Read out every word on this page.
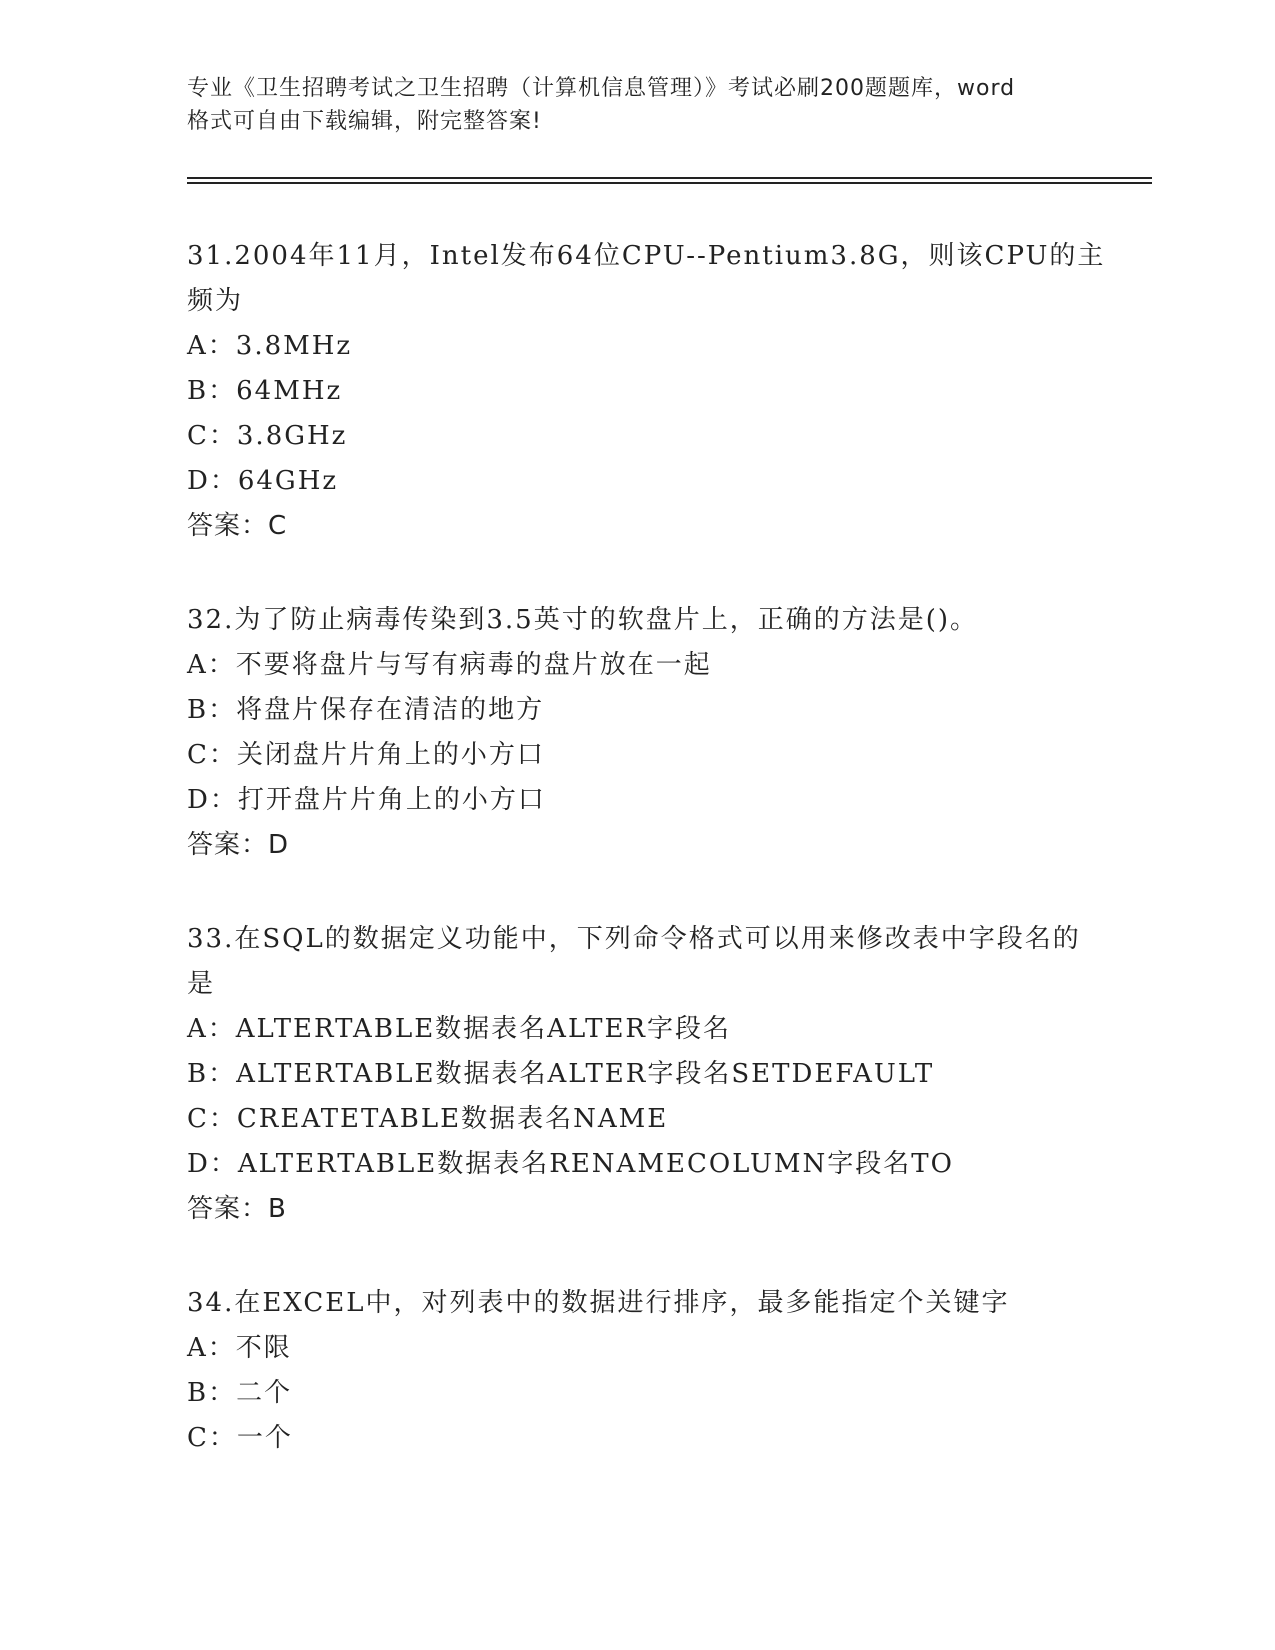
专业《卫生招聘考试之卫生招聘（计算机信息管理）》考试必刷200题题库，word
格式可自由下载编辑，附完整答案!
31.2004年11月，Intel发布64位CPU--Pentium3.8G，则该CPU的主频为
A：3.8MHz
B：64MHz
C：3.8GHz
D：64GHz
答案：C
32.为了防止病毒传染到3.5英寸的软盘片上，正确的方法是()。
A：不要将盘片与写有病毒的盘片放在一起
B：将盘片保存在清洁的地方
C：关闭盘片片角上的小方口
D：打开盘片片角上的小方口
答案：D
33.在SQL的数据定义功能中，下列命令格式可以用来修改表中字段名的是
A：ALTERTABLE数据表名ALTER字段名
B：ALTERTABLE数据表名ALTER字段名SETDEFAULT
C：CREATETABLE数据表名NAME
D：ALTERTABLE数据表名RENAMECOLUMN字段名TO
答案：B
34.在EXCEL中，对列表中的数据进行排序，最多能指定个关键字
A：不限
B：二个
C：一个
